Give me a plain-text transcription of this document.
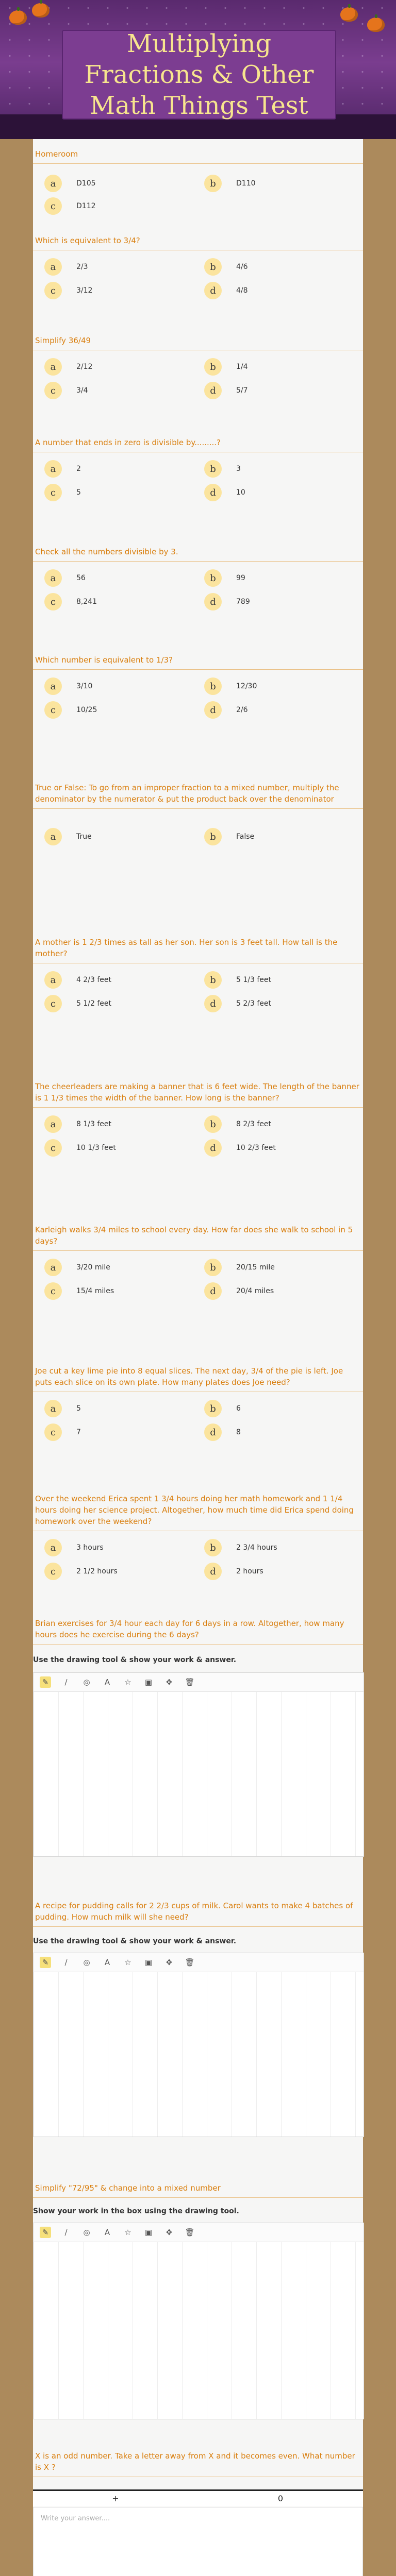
Multiplying Fractions & Other Math Things Test

Homeroom

a	D105	b	D110
c	D112

Which is equivalent to 3/4?

a	2/3	b	4/6
c	3/12	d	4/8

Simplify 36/49

a	2/12	b	1/4
c	3/4	d	5/7

A number that ends in zero is divisible by.........?

a	2	b	3
c	5	d	10

Check all the numbers divisible by 3.

a	56	b	99
c	8,241	d	789

Which number is equivalent to 1/3?

a	3/10	b	12/30
c	10/25	d	2/6

True or False: To go from an improper fraction to a mixed number, multiply the denominator by the numerator & put the product back over the denominator

a	True	b	False

A mother is 1 2/3 times as tall as her son. Her son is 3 feet tall. How tall is the mother?

a	4 2/3 feet	b	5 1/3 feet
c	5 1/2 feet	d	5 2/3 feet

The cheerleaders are making a banner that is 6 feet wide. The length of the banner is 1 1/3 times the width of the banner. How long is the banner?

a	8 1/3 feet	b	8 2/3 feet
c	10 1/3 feet	d	10 2/3 feet

Karleigh walks 3/4 miles to school every day. How far does she walk to school in 5 days?

a	3/20 mile	b	20/15 mile
c	15/4 miles	d	20/4 miles

Joe cut a key lime pie into 8 equal slices. The next day, 3/4 of the pie is left. Joe puts each slice on its own plate. How many plates does Joe need?

a	5	b	6
c	7	d	8

Over the weekend Erica spent 1 3/4 hours doing her math homework and 1 1/4 hours doing her science project. Altogether, how much time did Erica spend doing homework over the weekend?

a	3 hours	b	2 3/4 hours
c	2 1/2 hours	d	2 hours

Brian exercises for 3/4 hour each day for 6 days in a row. Altogether, how many hours does he exercise during the 6 days?

Use the drawing tool & show your work & answer.
✎	∕	◎	A	☆ ▣	✥	🗑

A recipe for pudding calls for 2 2/3 cups of milk. Carol wants to make 4 batches of pudding. How much milk will she need?

Use the drawing tool & show your work & answer.
✎	∕	◎	A	☆ ▣	✥	🗑

Simplify "72/95" & change into a mixed number

Show your work in the box using the drawing tool.
✎	∕	◎	A	☆ ▣	✥	🗑

X is an odd number. Take a letter away from X and it becomes even. What number is X ?

+	0
Write your answer....
